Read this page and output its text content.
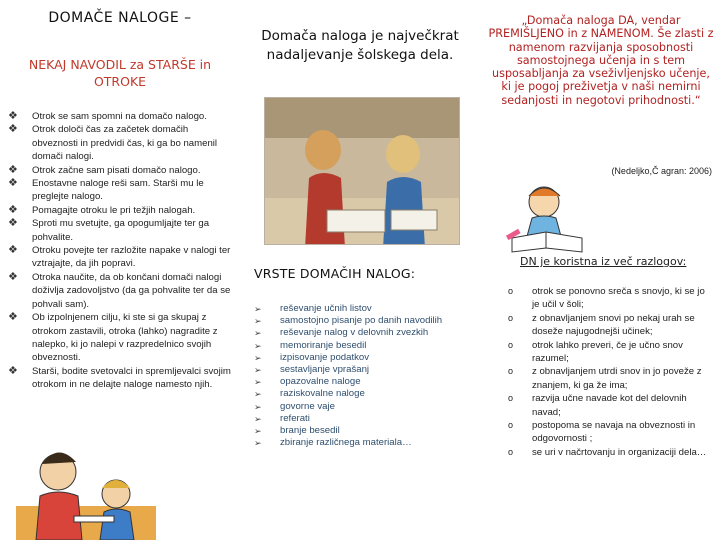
DOMAČE NALOGE –
NEKAJ NAVODIL za STARŠE in OTROKE
❖ Otrok se sam spomni na domačo nalogo.
❖ Otrok določi čas za začetek domačih obveznosti in predvidi čas, ki ga bo namenil domači nalogi.
❖ Otrok začne sam pisati domačo nalogo.
❖ Enostavne naloge reši sam. Starši mu le preglejte nalogo.
❖ Pomagajte otroku le pri težjih nalogah.
❖ Sproti mu svetujte, ga opogumljajte ter ga pohvalite.
❖ Otroku povejte ter razložite napake v nalogi ter vztrajajte, da jih popravi.
❖ Otroka naučite, da ob končani domači nalogi doživlja zadovoljstvo (da ga pohvalite ter da se pohvali sam).
❖ Ob izpolnjenem cilju, ki ste si ga skupaj z otrokom zastavili, otroka (lahko) nagradite z nalepko, ki jo nalepi v razpredelnico svojih obveznosti.
❖ Starši, bodite svetovalci in spremljevalci svojim otrokom in ne delajte naloge namesto njih.
Domača naloga je največkrat nadaljevanje šolskega dela.
VRSTE DOMAČIH NALOG:
➢ reševanje učnih listov
➢ samostojno pisanje po danih navodilih
➢ reševanje nalog v delovnih zvezkih
➢ memoriranje besedil
➢ izpisovanje podatkov
➢ sestavljanje vprašanj
➢ opazovalne naloge
➢ raziskovalne naloge
➢ govorne vaje
➢ referati
➢ branje besedil
➢ zbiranje različnega materiala…
„Domača naloga DA, vendar PREMIŠLJENO in z NAMENOM. Še zlasti z namenom razvijanja sposobnosti samostojnega učenja in s tem usposabljanja za vseživljenjsko učenje, ki je pogoj preživetja v naši nemirni sedanjosti in negotovi prihodnosti.“
(Nedeljko,Č agran: 2006)
DN je koristna iz več razlogov:
o otrok se ponovno sreča s snovjo, ki se jo je učil v šoli;
o z obnavljanjem snovi po nekaj urah se doseže najugodnejši učinek;
o otrok lahko preveri, če je učno snov razumel;
o z obnavljanjem utrdi snov in jo poveže z znanjem, ki ga že ima;
o razvija učne navade kot del delovnih navad;
o postopoma se navaja na obveznosti in odgovornosti ;
o se uri v načrtovanju in organizaciji dela…
